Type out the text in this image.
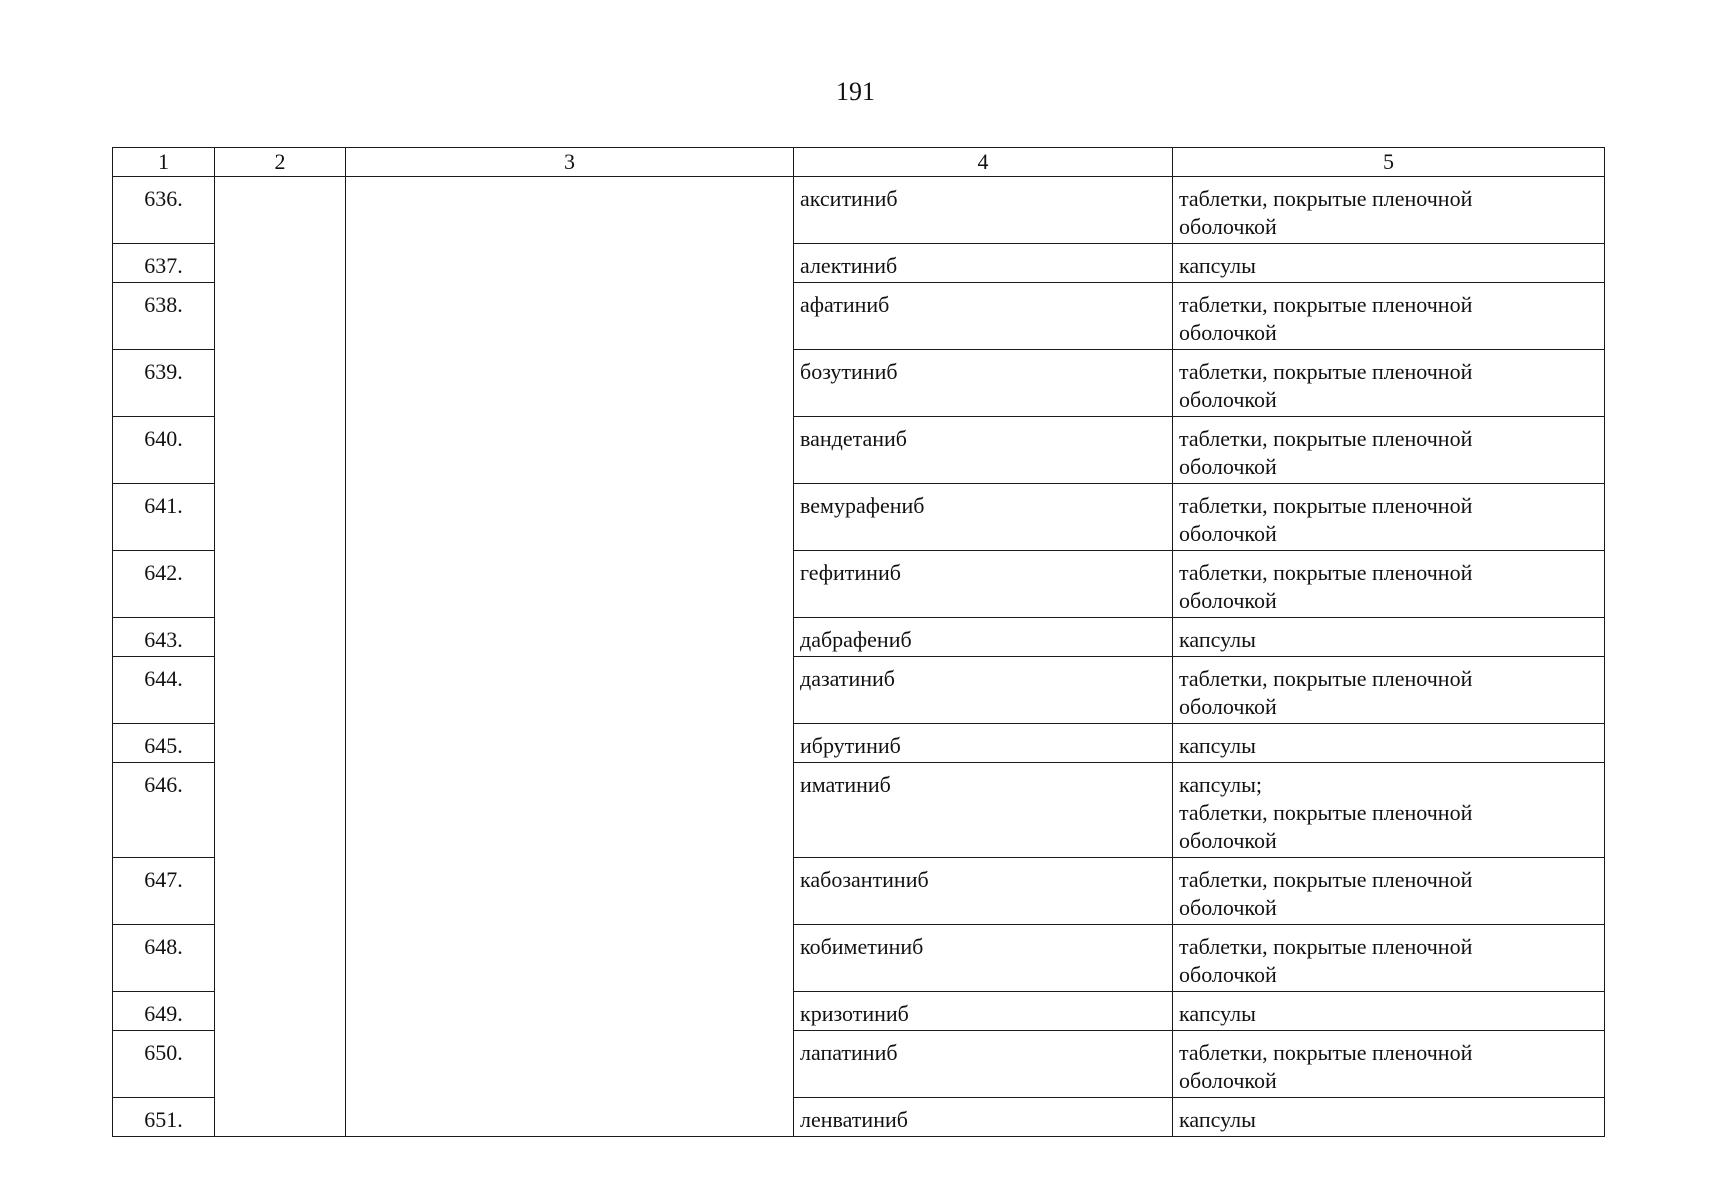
191
1	2	3	4	5
636.			акситиниб	таблетки, покрытые пленочной
оболочкой

637.			алектиниб	капсулы

638.			афатиниб	таблетки, покрытые пленочной
оболочкой

639.			бозутиниб	таблетки, покрытые пленочной
оболочкой

640.			вандетаниб	таблетки, покрытые пленочной
оболочкой

641.			вемурафениб	таблетки, покрытые пленочной
оболочкой

642.			гефитиниб	таблетки, покрытые пленочной
оболочкой

643.			дабрафениб	капсулы

644.			дазатиниб	таблетки, покрытые пленочной
оболочкой

645.			ибрутиниб	капсулы

646.			иматиниб	капсулы;
таблетки, покрытые пленочной
оболочкой

647.			кабозантиниб	таблетки, покрытые пленочной
оболочкой

648.			кобиметиниб	таблетки, покрытые пленочной
оболочкой

649.			кризотиниб	капсулы

650.			лапатиниб	таблетки, покрытые пленочной
оболочкой

651.			ленватиниб	капсулы
